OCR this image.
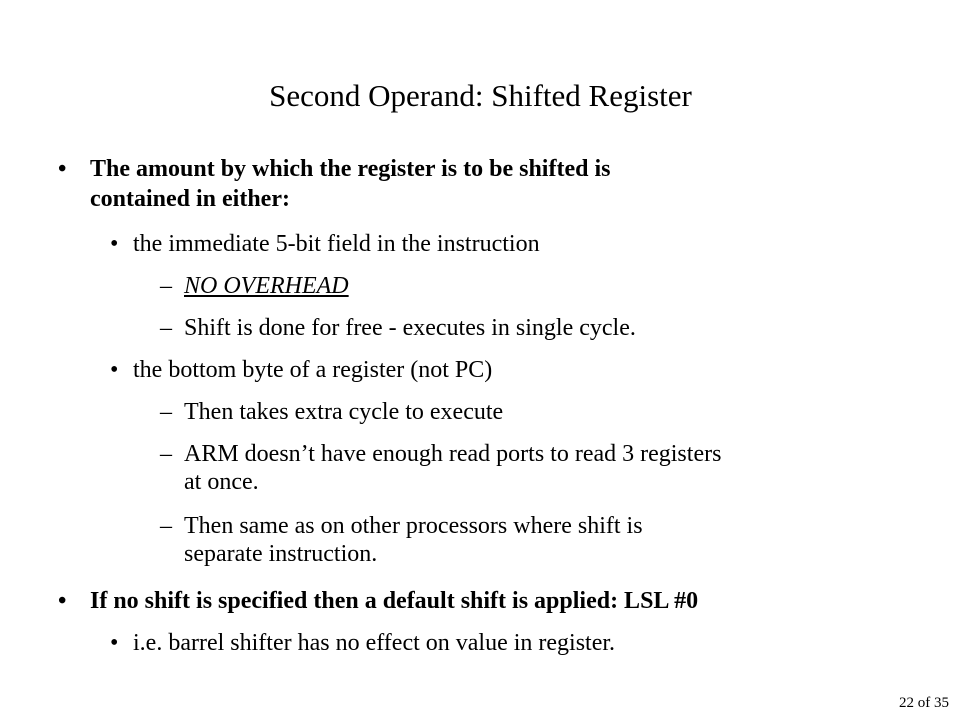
Second Operand: Shifted Register
• The amount by which the register is to be shifted is
contained in either:
• the immediate 5-bit field in the instruction
– NO OVERHEAD
– Shift is done for free - executes in single cycle.
• the bottom byte of a register (not PC)
– Then takes extra cycle to execute
– ARM doesn’t have enough read ports to read 3 registers
at once.
– Then same as on other processors where shift is
separate instruction.
• If no shift is specified then a default shift is applied: LSL #0
• i.e. barrel shifter has no effect on value in register.
22 of 35
